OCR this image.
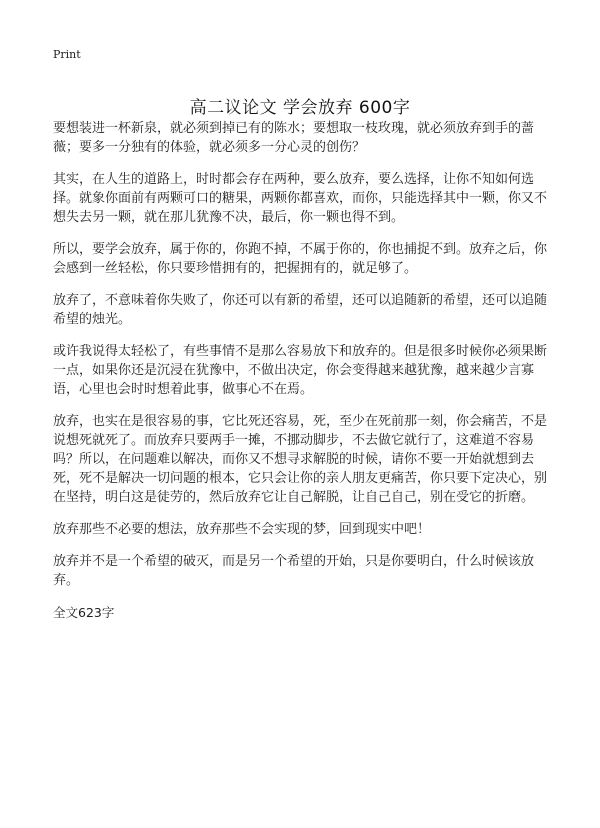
Print
高二议论文 学会放弃 600字

要想装进一杯新泉，就必须到掉已有的陈水；要想取一枝玫瑰，就必须放弃到手的蔷薇；要多一分独有的体验，就必须多一分心灵的创伤？

其实，在人生的道路上，时时都会存在两种，要么放弃，要么选择，让你不知如何选择。就象你面前有两颗可口的糖果，两颗你都喜欢，而你，只能选择其中一颗，你又不想失去另一颗，就在那儿犹豫不决，最后，你一颗也得不到。

所以，要学会放弃，属于你的，你跑不掉，不属于你的，你也捕捉不到。放弃之后，你会感到一丝轻松，你只要珍惜拥有的，把握拥有的，就足够了。

放弃了，不意味着你失败了，你还可以有新的希望，还可以追随新的希望，还可以追随希望的烛光。

或许我说得太轻松了，有些事情不是那么容易放下和放弃的。但是很多时候你必须果断一点，如果你还是沉浸在犹豫中，不做出决定，你会变得越来越犹豫，越来越少言寡语，心里也会时时想着此事，做事心不在焉。

放弃，也实在是很容易的事，它比死还容易，死，至少在死前那一刻，你会痛苦，不是说想死就死了。而放弃只要两手一摊，不挪动脚步，不去做它就行了，这难道不容易吗？所以，在问题难以解决，而你又不想寻求解脱的时候，请你不要一开始就想到去死，死不是解决一切问题的根本，它只会让你的亲人朋友更痛苦，你只要下定决心，别在坚持，明白这是徒劳的，然后放弃它让自己解脱，让自己自己，别在受它的折磨。

放弃那些不必要的想法，放弃那些不会实现的梦，回到现实中吧！

放弃并不是一个希望的破灭，而是另一个希望的开始，只是你要明白，什么时候该放弃。

全文623字
